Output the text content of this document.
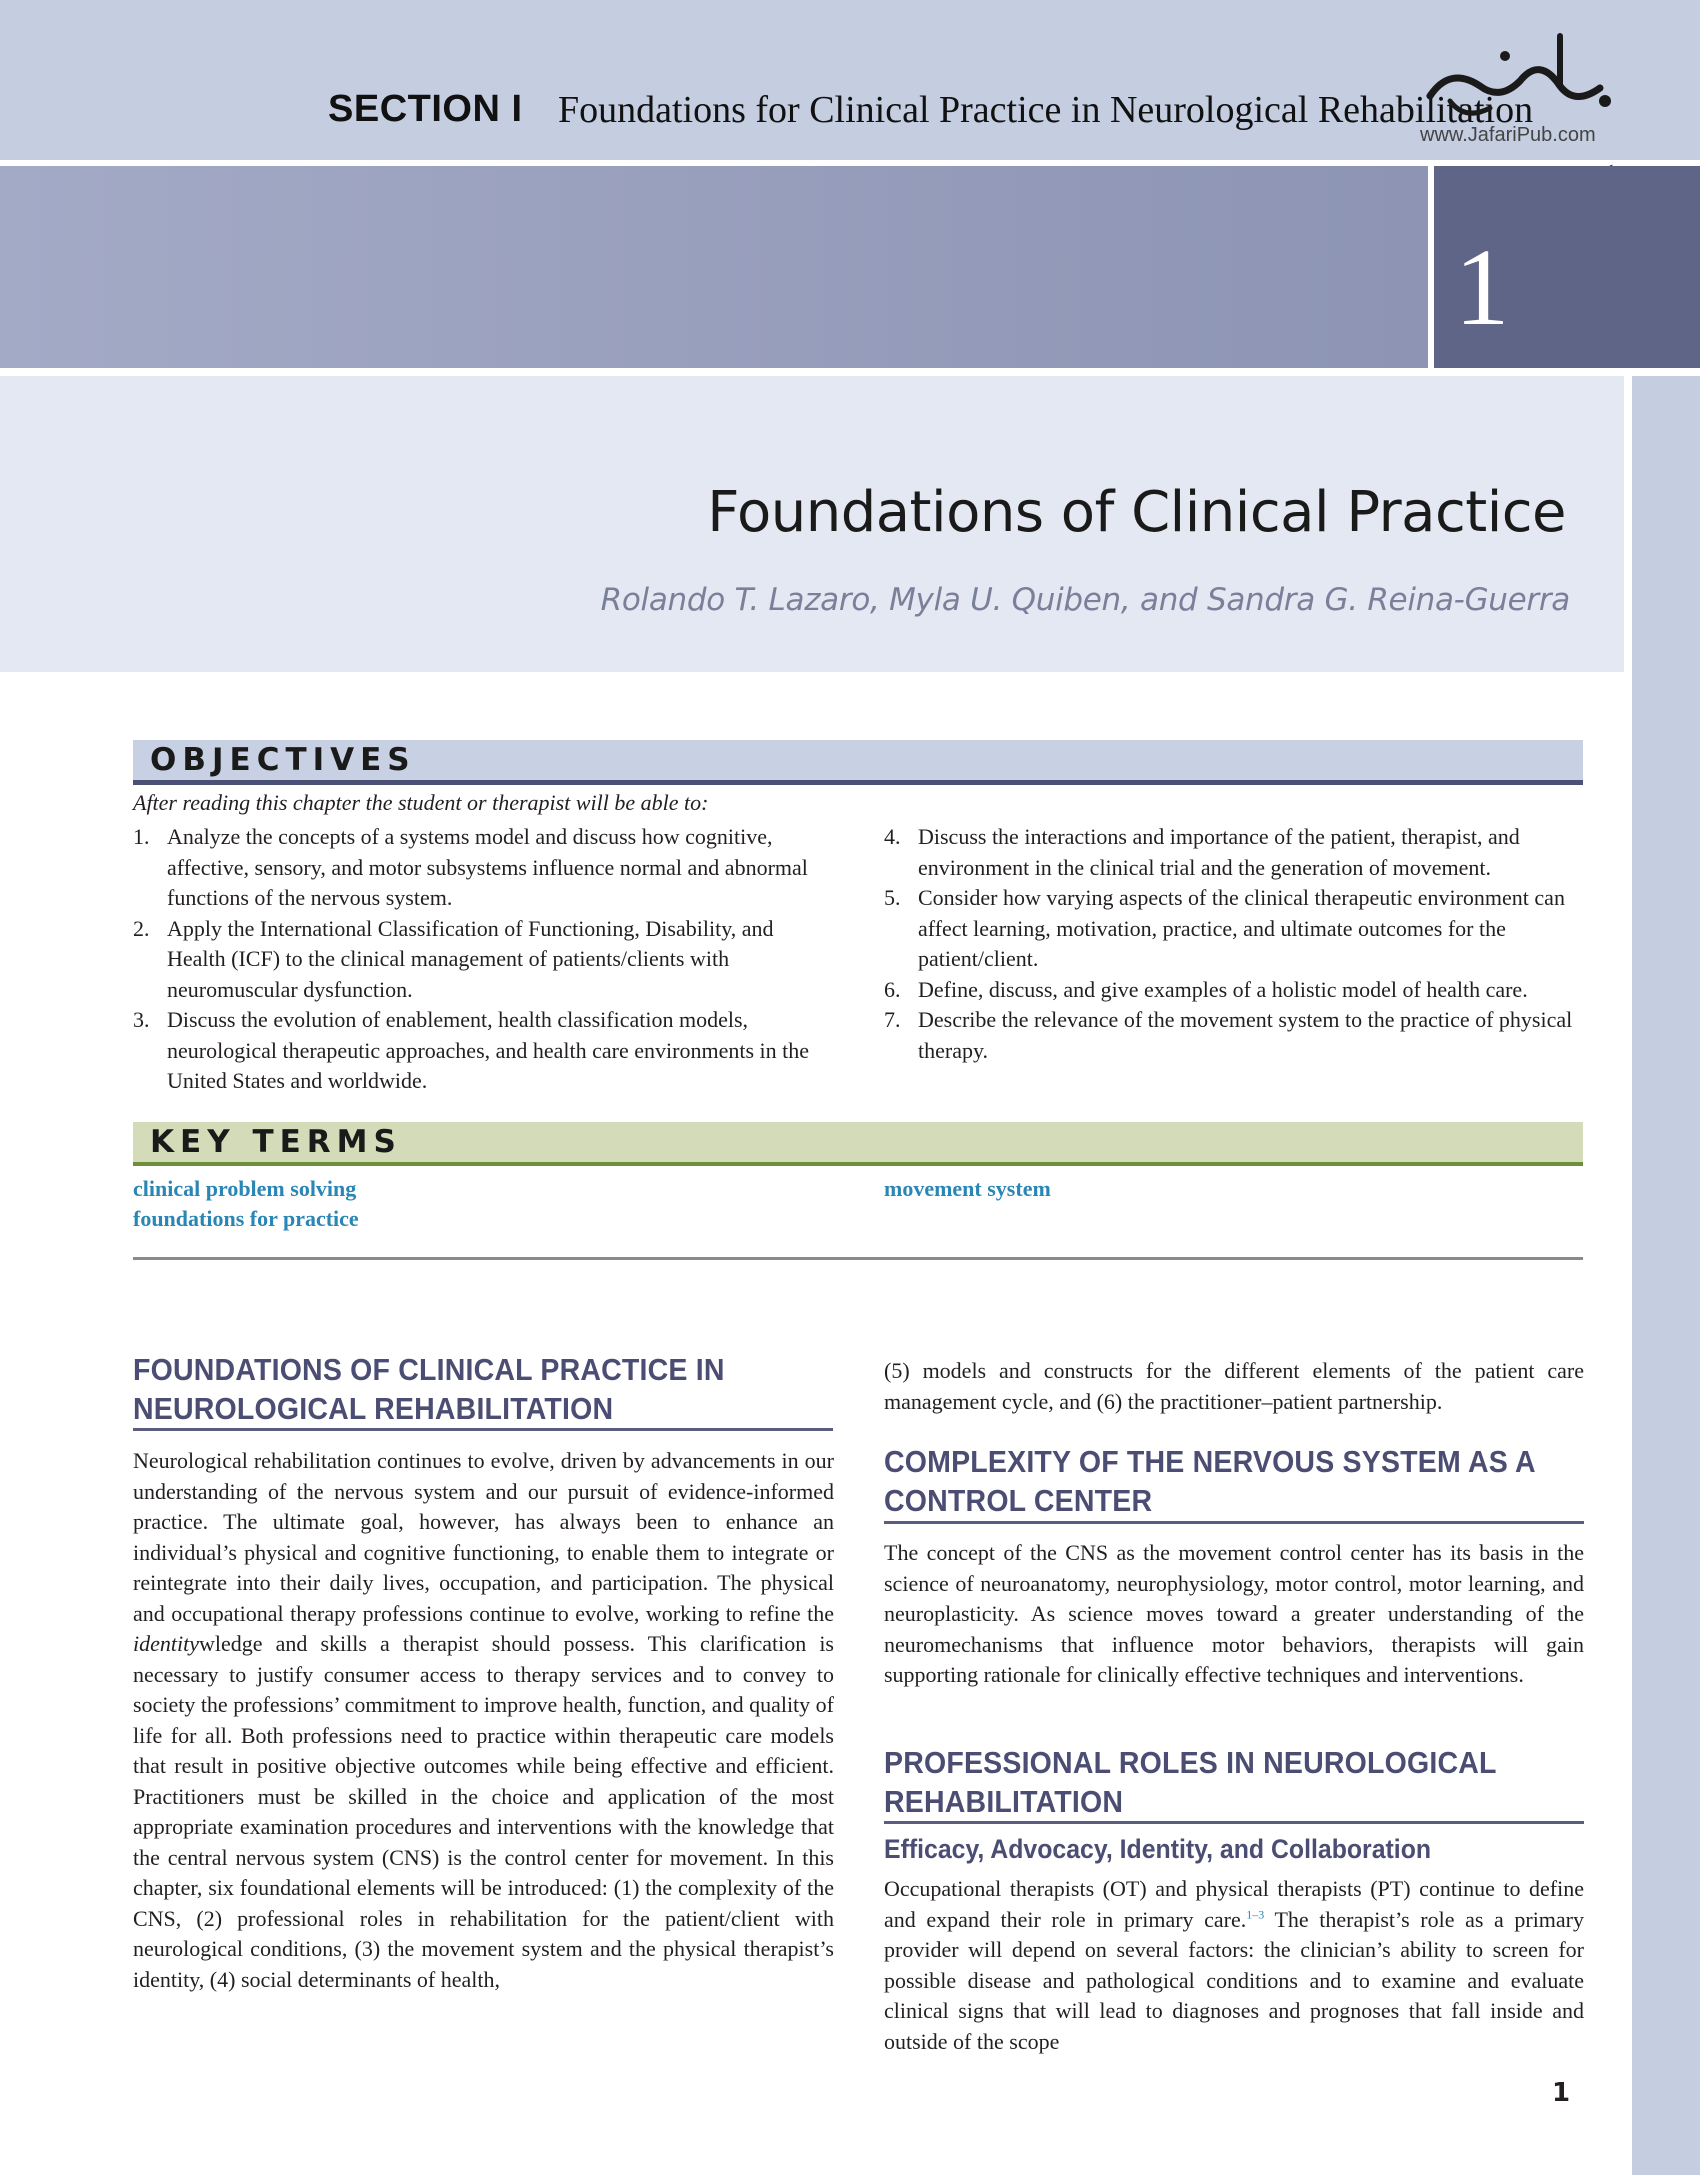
SECTION I Foundations for Clinical Practice in Neurological Rehabilitation
www.JafariPub.com
1
Foundations of Clinical Practice
Rolando T. Lazaro, Myla U. Quiben, and Sandra G. Reina-Guerra
OBJECTIVES
After reading this chapter the student or therapist will be able to:
1. Analyze the concepts of a systems model and discuss how cognitive, affective, sensory, and motor subsystems influence normal and abnormal functions of the nervous system.
2. Apply the International Classification of Functioning, Disability, and Health (ICF) to the clinical management of patients/clients with neuromuscular dysfunction.
3. Discuss the evolution of enablement, health classification models, neurological therapeutic approaches, and health care environments in the United States and worldwide.
4. Discuss the interactions and importance of the patient, therapist, and environment in the clinical trial and the generation of movement.
5. Consider how varying aspects of the clinical therapeutic environment can affect learning, motivation, practice, and ultimate outcomes for the patient/client.
6. Define, discuss, and give examples of a holistic model of health care.
7. Describe the relevance of the movement system to the practice of physical therapy.
KEY TERMS
clinical problem solving
foundations for practice
movement system
FOUNDATIONS OF CLINICAL PRACTICE IN NEUROLOGICAL REHABILITATION

Neurological rehabilitation continues to evolve, driven by advancements in our understanding of the nervous system and our pursuit of evidence-informed practice. The ultimate goal, however, has always been to enhance an individual’s physical and cognitive functioning, to enable them to integrate or reintegrate into their daily lives, occupation, and participation. The physical and occupational therapy professions continue to evolve, working to refine the identitywledge and skills a therapist should possess. This clarification is necessary to justify consumer access to therapy services and to convey to society the professions’ commitment to improve health, function, and quality of life for all. Both professions need to practice within therapeutic care models that result in positive objective outcomes while being effective and efficient. Practitioners must be skilled in the choice and application of the most appropriate examination procedures and interventions with the knowledge that the central nervous system (CNS) is the control center for movement. In this chapter, six foundational elements will be introduced: (1) the complexity of the CNS, (2) professional roles in rehabilitation for the patient/client with neurological conditions, (3) the movement system and the physical therapist’s identity, (4) social determinants of health,

(5) models and constructs for the different elements of the patient care management cycle, and (6) the practitioner–patient partnership.

COMPLEXITY OF THE NERVOUS SYSTEM AS A CONTROL CENTER

The concept of the CNS as the movement control center has its basis in the science of neuroanatomy, neurophysiology, motor control, motor learning, and neuroplasticity. As science moves toward a greater understanding of the neuromechanisms that influence motor behaviors, therapists will gain supporting rationale for clinically effective techniques and interventions.

PROFESSIONAL ROLES IN NEUROLOGICAL REHABILITATION
Efficacy, Advocacy, Identity, and Collaboration

Occupational therapists (OT) and physical therapists (PT) continue to define and expand their role in primary care.$^{1-3}$ The therapist’s role as a primary provider will depend on several factors: the clinician’s ability to screen for possible disease and pathological conditions and to examine and evaluate clinical signs that will lead to diagnoses and prognoses that fall inside and outside of the scope

1
